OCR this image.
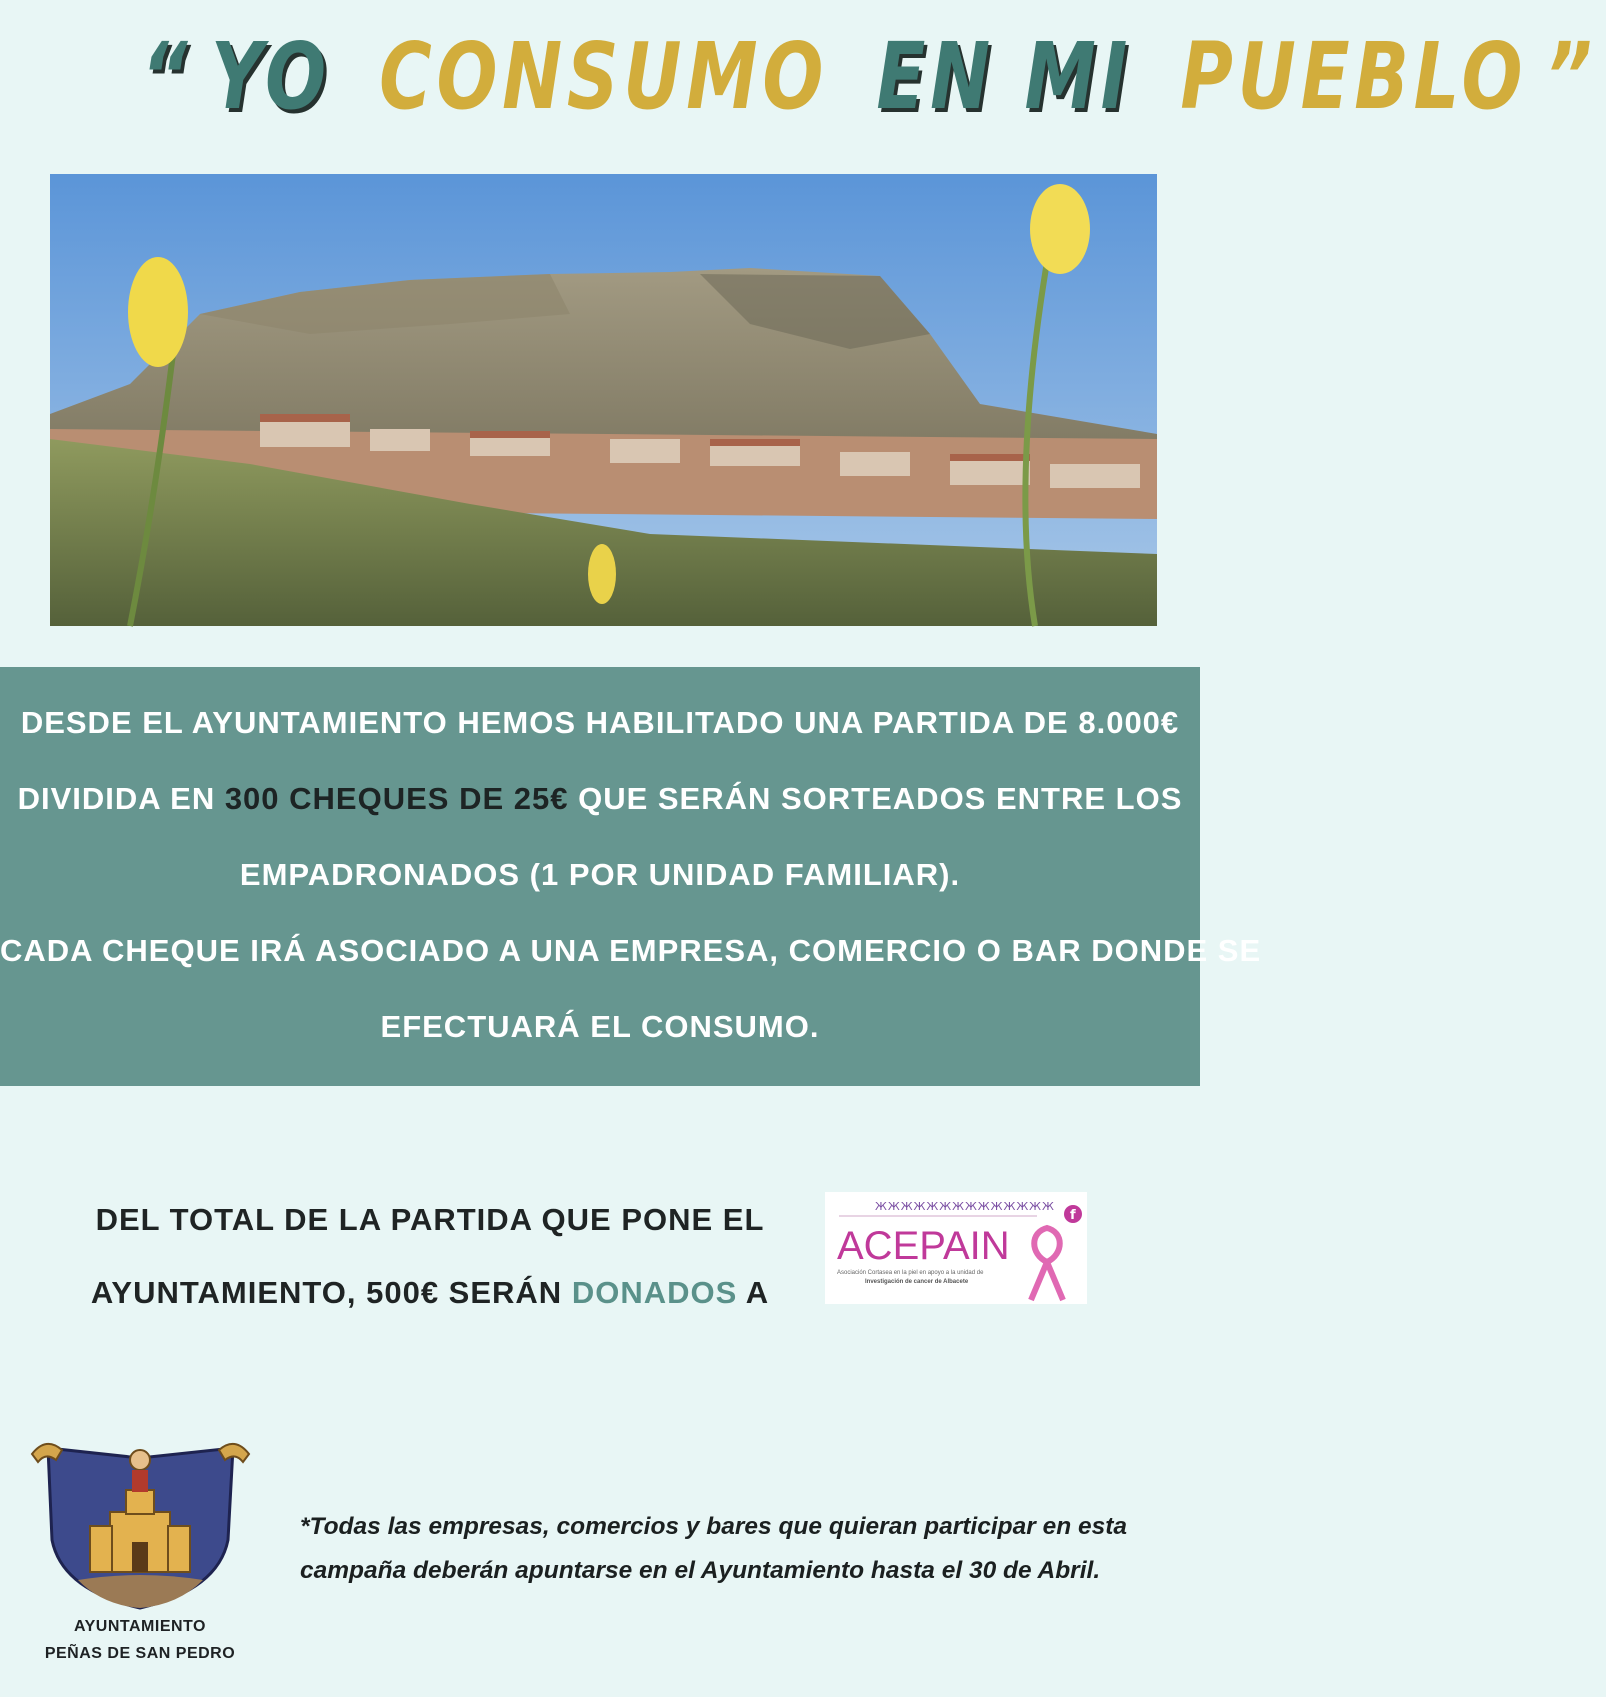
“ YO CONSUMO EN MI PUEBLO ”
DESDE EL AYUNTAMIENTO HEMOS HABILITADO UNA PARTIDA DE 8.000€
DIVIDIDA EN 300 CHEQUES DE 25€ QUE SERÁN SORTEADOS ENTRE LOS
EMPADRONADOS (1 POR UNIDAD FAMILIAR).
CADA CHEQUE IRÁ ASOCIADO A UNA EMPRESA, COMERCIO O BAR DONDE SE
EFECTUARÁ EL CONSUMO.
DEL TOTAL DE LA PARTIDA QUE PONE EL
AYUNTAMIENTO, 500€ SERÁN DONADOS A
ЖЖЖЖЖЖЖЖЖЖЖЖЖЖ
ACEPAIN
Asociación Cortasea en la piel en apoyo a la unidad de
Investigación de cancer de Albacete
f
AYUNTAMIENTO
PEÑAS DE SAN PEDRO
*Todas las empresas, comercios y bares que quieran participar en esta
campaña deberán apuntarse en el Ayuntamiento hasta el 30 de Abril.
